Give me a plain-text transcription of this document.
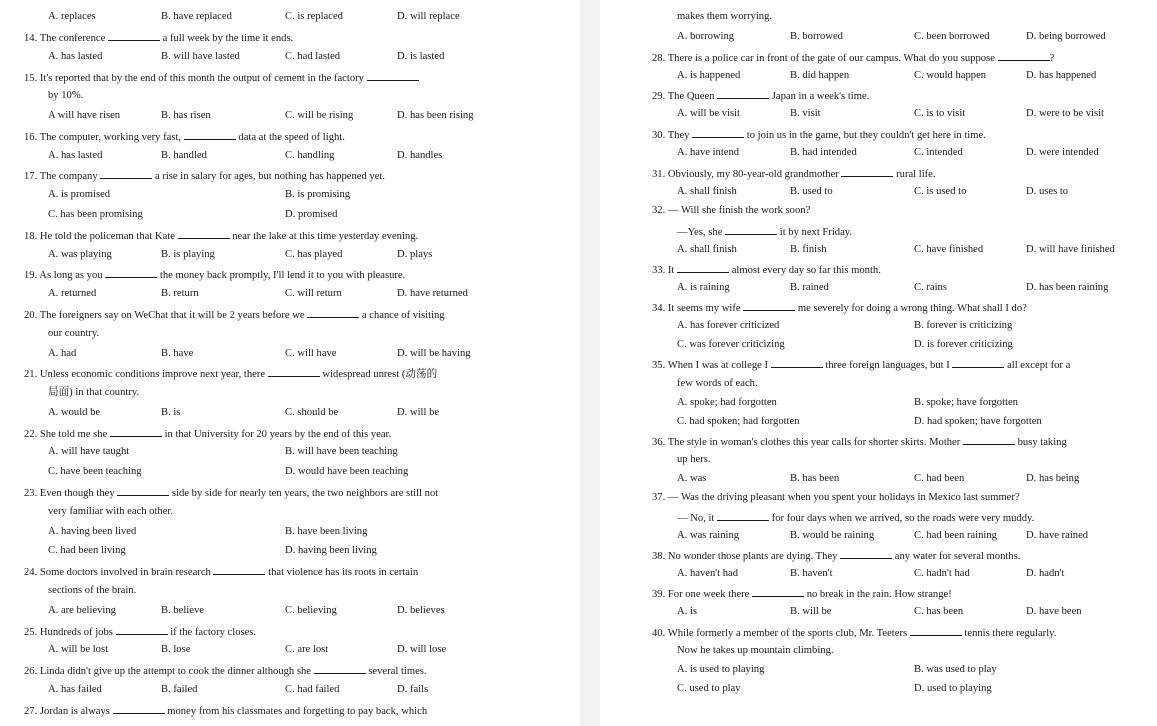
A. replaces	B. have replaced	C. is replaced	D. will replace
14. The conference	a full week by the time it ends.
A. has lasted	B. will have lasted	C. had lasted	D. is lasted
15. It's reported that by the end of this month the output of cement in the factory
by 10%.
A will have risen	B. has risen	C. will be rising	D. has been rising
16. The computer, working very fast,	data at the speed of light.
A. has lasted	B. handled	C. handling	D. handles
17. The company	a rise in salary for ages, but nothing has happened yet.
A. is promised	B. is promising
C. has been promising	D. promised
18. He told the policeman that Kate	near the lake at this time yesterday evening.
A. was playing	B. is playing	C. has played	D. plays
19. As long as you	the money back promptly, I'll lend it to you with pleasure.
A. returned	B. return	C. will return	D. have returned
20. The foreigners say on WeChat that it will be 2 years before we	a chance of visiting
our country.
A. had	B. have	C. will have	D. will be having
21. Unless economic conditions improve next year, there	widespread unrest (动荡的
局面) in that country.
A. would be	B. is	C. should be	D. will be
22. She told me she	in that University for 20 years by the end of this year.
A. will have taught	B. will have been teaching
C. have been teaching	D. would have been teaching
23. Even though they	side by side for nearly ten years, the two neighbors are still not
very familiar with each other.
A. having been lived	B. have been living
C. had been living	D. having been living
24. Some doctors involved in brain research	that violence has its roots in certain
sections of the brain.
A. are believing	B. believe	C. believing	D. believes
25. Hundreds of jobs	if the factory closes.
A. will be lost	B. lose	C. are lost	D. will lose
26. Linda didn't give up the attempt to cook the dinner although she	several times.
A. has failed	B. failed	C. had failed	D. fails
27. Jordan is always	money from his classmates and forgetting to pay back, which
makes them worrying.
A. borrowing	B. borrowed	C. been borrowed	D. being borrowed
28. There is a police car in front of the gate of our campus. What do you suppose	?
A. is happened	B. did happen	C. would happen	D. has happened
29. The Queen	Japan in a week's time.
A. will be visit	B. visit	C. is to visit	D. were to be visit
30. They	to join us in the game, but they couldn't get here in time.
A. have intend	B. had intended	C. intended	D. were intended
31. Obviously, my 80-year-old grandmother	rural life.
A. shall finish	B. used to	C. is used to	D. uses to
32. — Will she finish the work soon?
—Yes, she	it by next Friday.
A. shall finish	B. finish	C. have finished	D. will have finished
33. It	almost every day so far this month.
A. is raining	B. rained	C. rains	D. has been raining
34. It seems my wife	me severely for doing a wrong thing. What shall I do?
A. has forever criticized	B. forever is criticizing
C. was forever criticizing	D. is forever criticizing
35. When I was at college I	three foreign languages, but I	all except for a
few words of each.
A. spoke; had forgotten	B. spoke; have forgotten
C. had spoken; had forgotten	D. had spoken; have forgotten
36. The style in woman's clothes this year calls for shorter skirts. Mother	busy taking
up hers.
A. was	B. has been	C. had been	D. has being
37. — Was the driving pleasant when you spent your holidays in Mexico last summer?
— No, it	for four days when we arrived, so the roads were very muddy.
A. was raining	B. would be raining	C. had been raining	D. have rained
38. No wonder those plants are dying. They	any water for several months.
A. haven't had	B. haven't	C. hadn't had	D. hadn't
39. For one week there	no break in the rain. How strange!
A. is	B. will be	C. has been	D. have been
40. While formerly a member of the sports club, Mr. Teeters	tennis there regularly.
Now he takes up mountain climbing.
A. is used to playing	B. was used to play
C. used to play	D. used to playing
